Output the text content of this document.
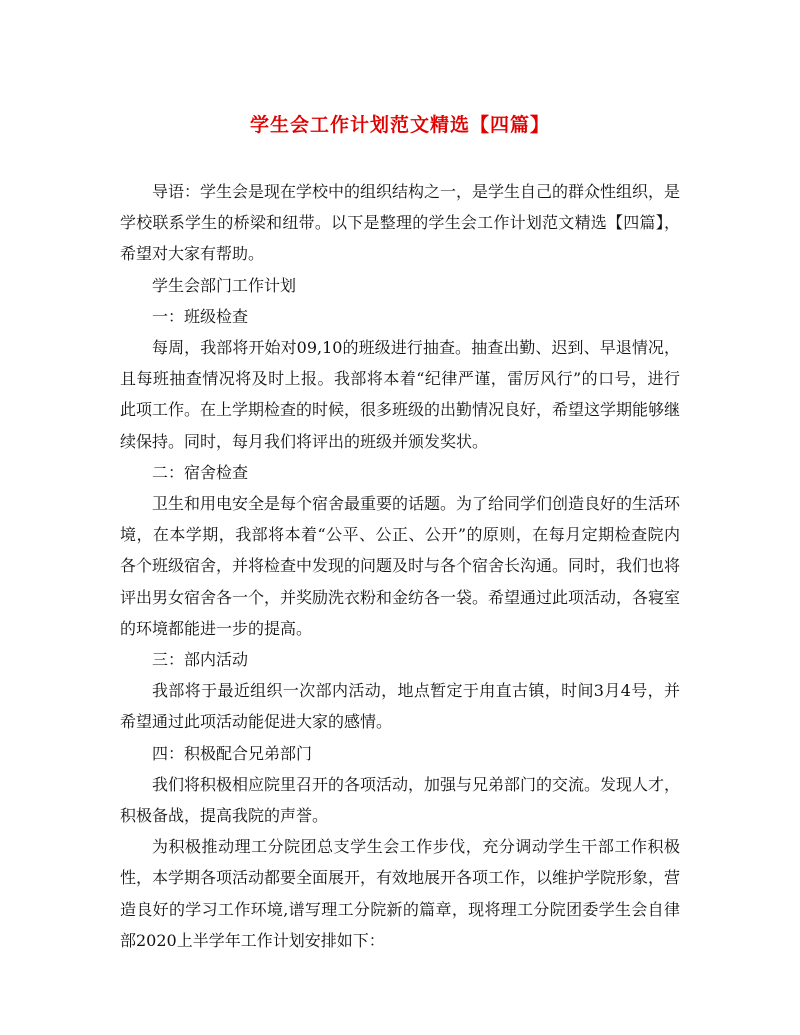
学生会工作计划范文精选【四篇】

导语：学生会是现在学校中的组织结构之一，是学生自己的群众性组织，是学校联系学生的桥梁和纽带。以下是整理的学生会工作计划范文精选【四篇】，希望对大家有帮助。

学生会部门工作计划

一：班级检查

每周，我部将开始对09,10的班级进行抽查。抽查出勤、迟到、早退情况，且每班抽查情况将及时上报。我部将本着“纪律严谨，雷厉风行”的口号，进行此项工作。在上学期检查的时候，很多班级的出勤情况良好，希望这学期能够继续保持。同时，每月我们将评出的班级并颁发奖状。

二：宿舍检查

卫生和用电安全是每个宿舍最重要的话题。为了给同学们创造良好的生活环境，在本学期，我部将本着“公平、公正、公开”的原则，在每月定期检查院内各个班级宿舍，并将检查中发现的问题及时与各个宿舍长沟通。同时，我们也将评出男女宿舍各一个，并奖励洗衣粉和金纺各一袋。希望通过此项活动，各寝室的环境都能进一步的提高。

三：部内活动

我部将于最近组织一次部内活动，地点暂定于甪直古镇，时间3月4号，并希望通过此项活动能促进大家的感情。

四：积极配合兄弟部门

我们将积极相应院里召开的各项活动，加强与兄弟部门的交流。发现人才，积极备战，提高我院的声誉。

为积极推动理工分院团总支学生会工作步伐，充分调动学生干部工作积极性，本学期各项活动都要全面展开，有效地展开各项工作，以维护学院形象，营造良好的学习工作环境,谱写理工分院新的篇章，现将理工分院团委学生会自律部2020上半学年工作计划安排如下：
